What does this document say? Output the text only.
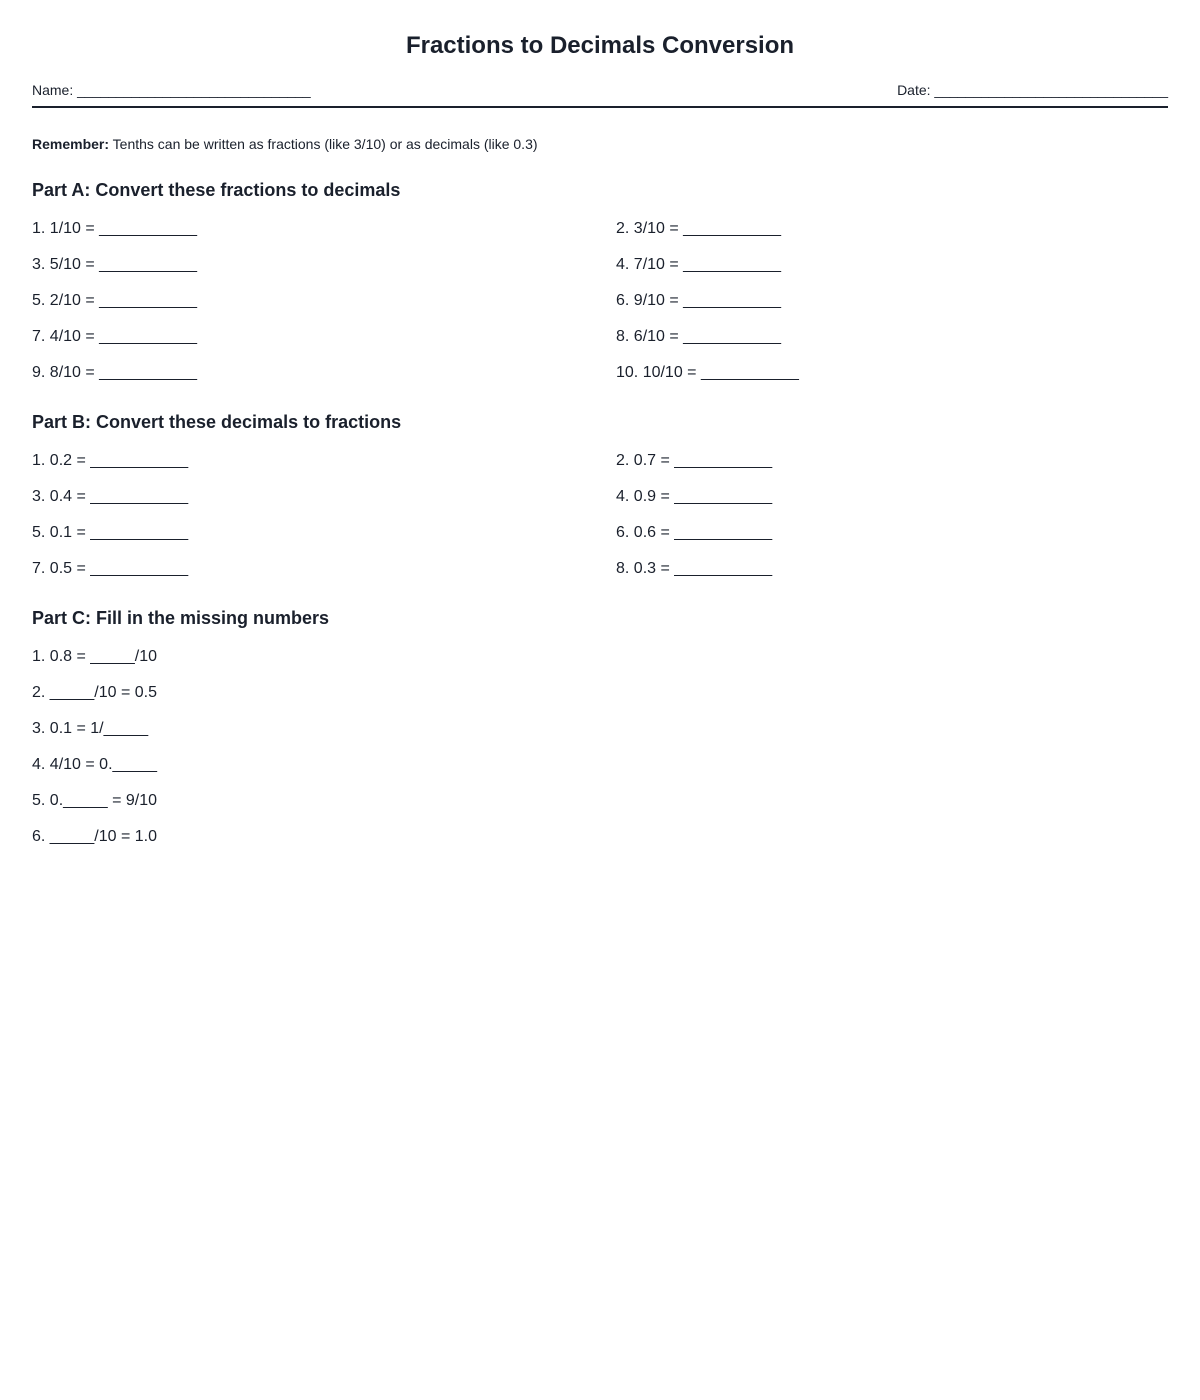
Fractions to Decimals Conversion
Name: ______________________________	Date: ______________________________
Remember: Tenths can be written as fractions (like 3/10) or as decimals (like 0.3)
Part A: Convert these fractions to decimals
1. 1/10 = ___________	2. 3/10 = ___________
3. 5/10 = ___________	4. 7/10 = ___________
5. 2/10 = ___________	6. 9/10 = ___________
7. 4/10 = ___________	8. 6/10 = ___________
9. 8/10 = ___________	10. 10/10 = ___________
Part B: Convert these decimals to fractions
1. 0.2 = ___________	2. 0.7 = ___________
3. 0.4 = ___________	4. 0.9 = ___________
5. 0.1 = ___________	6. 0.6 = ___________
7. 0.5 = ___________	8. 0.3 = ___________
Part C: Fill in the missing numbers
1. 0.8 = _____/10
2. _____/10 = 0.5
3. 0.1 = 1/_____
4. 4/10 = 0._____
5. 0._____ = 9/10
6. _____/10 = 1.0
